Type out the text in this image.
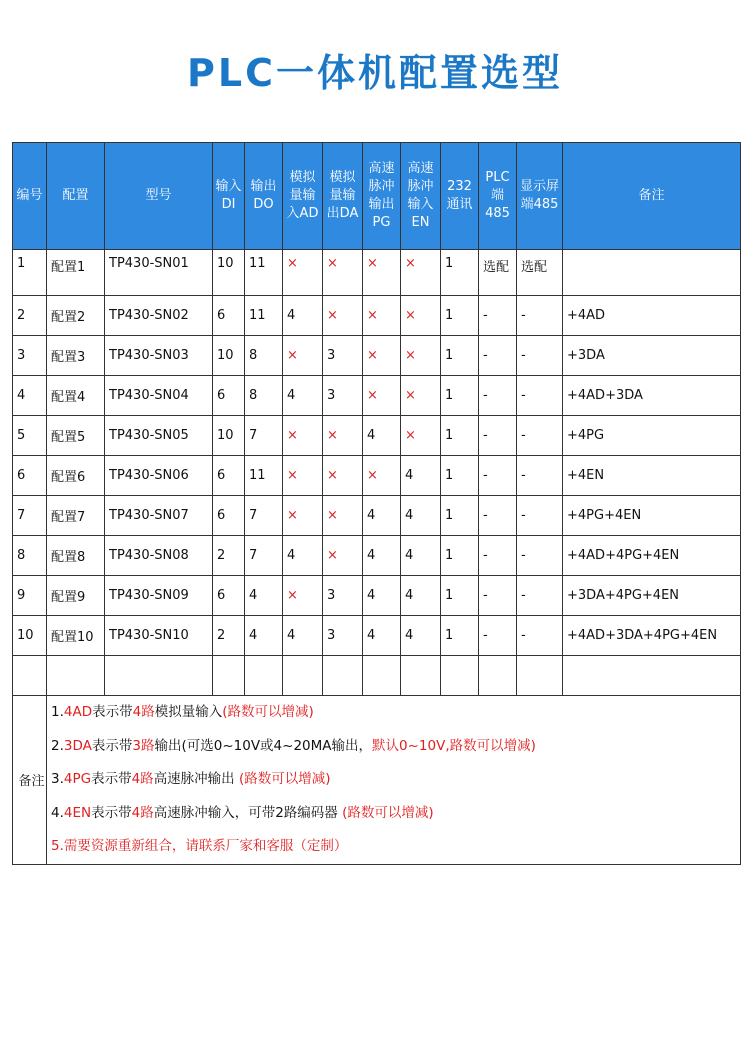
PLC一体机配置选型
编号	配置	型号	输入DI	输出DO	模拟量输入AD	模拟量输出DA	高速脉冲输出PG	高速脉冲输入EN	232通讯	PLC端485	显示屏端485	备注
1	配置1	TP430-SN01	10	11	×	×	×	×	1	选配	选配	
2	配置2	TP430-SN02	6	11	4	×	×	×	1	-	-	+4AD
3	配置3	TP430-SN03	10	8	×	3	×	×	1	-	-	+3DA
4	配置4	TP430-SN04	6	8	4	3	×	×	1	-	-	+4AD+3DA
5	配置5	TP430-SN05	10	7	×	×	4	×	1	-	-	+4PG
6	配置6	TP430-SN06	6	11	×	×	×	4	1	-	-	+4EN
7	配置7	TP430-SN07	6	7	×	×	4	4	1	-	-	+4PG+4EN
8	配置8	TP430-SN08	2	7	4	×	4	4	1	-	-	+4AD+4PG+4EN
9	配置9	TP430-SN09	6	4	×	3	4	4	1	-	-	+3DA+4PG+4EN
10	配置10	TP430-SN10	2	4	4	3	4	4	1	-	-	+4AD+3DA+4PG+4EN

备注	1.4AD表示带4路模拟量输入(路数可以增减)
2.3DA表示带3路输出(可选0~10V或4~20MA输出，默认0~10V,路数可以增减)
3.4PG表示带4路高速脉冲输出 (路数可以增减)
4.4EN表示带4路高速脉冲输入，可带2路编码器 (路数可以增减)
5.需要资源重新组合，请联系厂家和客服（定制）											
